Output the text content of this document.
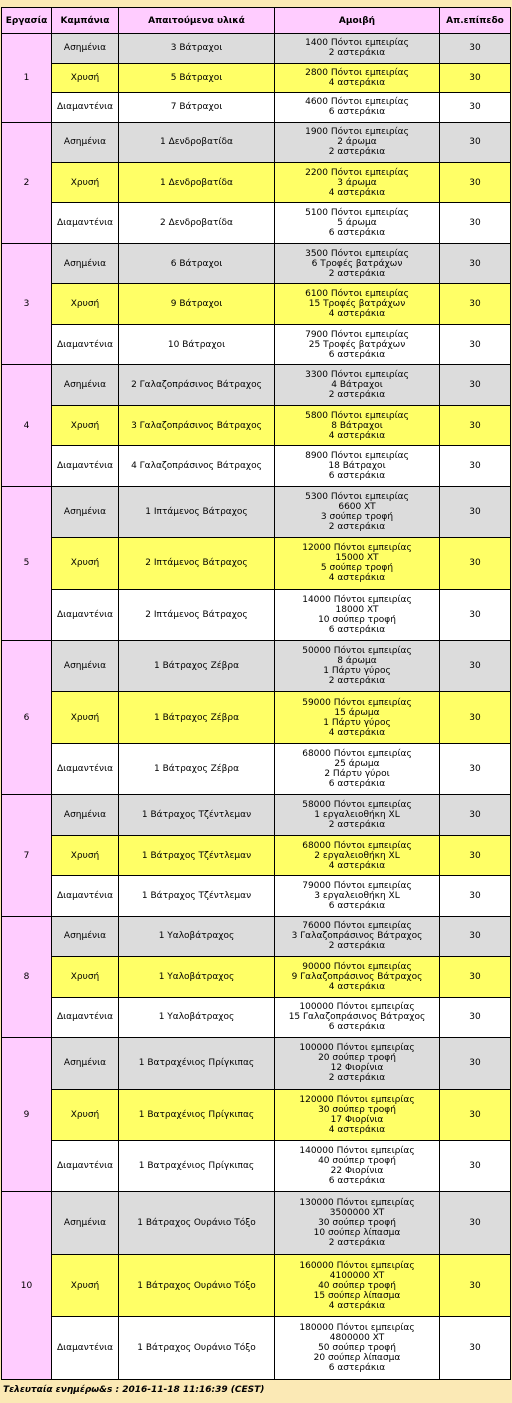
Εργασία	Καμπάνια	Απαιτούμενα υλικά	Αμοιβή	Απ.επίπεδο
1	Ασημένια	3 Βάτραχοι	1400 Πόντοι εμπειρίας
2 αστεράκια	30
	Χρυσή	5 Βάτραχοι	2800 Πόντοι εμπειρίας
4 αστεράκια	30
	Διαμαντένια	7 Βάτραχοι	4600 Πόντοι εμπειρίας
6 αστεράκια	30
2	Ασημένια	1 Δενδροβατίδα	1900 Πόντοι εμπειρίας
2 άρωμα
2 αστεράκια	30
	Χρυσή	1 Δενδροβατίδα	2200 Πόντοι εμπειρίας
3 άρωμα
4 αστεράκια	30
	Διαμαντένια	2 Δενδροβατίδα	5100 Πόντοι εμπειρίας
5 άρωμα
6 αστεράκια	30
3	Ασημένια	6 Βάτραχοι	3500 Πόντοι εμπειρίας
6 Τροφές βατράχων
2 αστεράκια	30
	Χρυσή	9 Βάτραχοι	6100 Πόντοι εμπειρίας
15 Τροφές βατράχων
4 αστεράκια	30
	Διαμαντένια	10 Βάτραχοι	7900 Πόντοι εμπειρίας
25 Τροφές βατράχων
6 αστεράκια	30
4	Ασημένια	2 Γαλαζοπράσινος Βάτραχος	3300 Πόντοι εμπειρίας
4 Βάτραχοι
2 αστεράκια	30
	Χρυσή	3 Γαλαζοπράσινος Βάτραχος	5800 Πόντοι εμπειρίας
8 Βάτραχοι
4 αστεράκια	30
	Διαμαντένια	4 Γαλαζοπράσινος Βάτραχος	8900 Πόντοι εμπειρίας
18 Βάτραχοι
6 αστεράκια	30
5	Ασημένια	1 Ιπτάμενος Βάτραχος	5300 Πόντοι εμπειρίας
6600 XT
3 σούπερ τροφή
2 αστεράκια	30
	Χρυσή	2 Ιπτάμενος Βάτραχος	12000 Πόντοι εμπειρίας
15000 XT
5 σούπερ τροφή
4 αστεράκια	30
	Διαμαντένια	2 Ιπτάμενος Βάτραχος	14000 Πόντοι εμπειρίας
18000 XT
10 σούπερ τροφή
6 αστεράκια	30
6	Ασημένια	1 Βάτραχος Ζέβρα	50000 Πόντοι εμπειρίας
8 άρωμα
1 Πάρτυ γύρος
2 αστεράκια	30
	Χρυσή	1 Βάτραχος Ζέβρα	59000 Πόντοι εμπειρίας
15 άρωμα
1 Πάρτυ γύρος
4 αστεράκια	30
	Διαμαντένια	1 Βάτραχος Ζέβρα	68000 Πόντοι εμπειρίας
25 άρωμα
2 Πάρτυ γύροι
6 αστεράκια	30
7	Ασημένια	1 Βάτραχος Τζέντλεμαν	58000 Πόντοι εμπειρίας
1 εργαλειοθήκη XL
2 αστεράκια	30
	Χρυσή	1 Βάτραχος Τζέντλεμαν	68000 Πόντοι εμπειρίας
2 εργαλειοθήκη XL
4 αστεράκια	30
	Διαμαντένια	1 Βάτραχος Τζέντλεμαν	79000 Πόντοι εμπειρίας
3 εργαλειοθήκη XL
6 αστεράκια	30
8	Ασημένια	1 Υαλοβάτραχος	76000 Πόντοι εμπειρίας
3 Γαλαζοπράσινος Βάτραχος
2 αστεράκια	30
	Χρυσή	1 Υαλοβάτραχος	90000 Πόντοι εμπειρίας
9 Γαλαζοπράσινος Βάτραχος
4 αστεράκια	30
	Διαμαντένια	1 Υαλοβάτραχος	100000 Πόντοι εμπειρίας
15 Γαλαζοπράσινος Βάτραχος
6 αστεράκια	30
9	Ασημένια	1 Βατραχένιος Πρίγκιπας	100000 Πόντοι εμπειρίας
20 σούπερ τροφή
12 Φιορίνια
2 αστεράκια	30
	Χρυσή	1 Βατραχένιος Πρίγκιπας	120000 Πόντοι εμπειρίας
30 σούπερ τροφή
17 Φιορίνια
4 αστεράκια	30
	Διαμαντένια	1 Βατραχένιος Πρίγκιπας	140000 Πόντοι εμπειρίας
40 σούπερ τροφή
22 Φιορίνια
6 αστεράκια	30
10	Ασημένια	1 Βάτραχος Ουράνιο Τόξο	130000 Πόντοι εμπειρίας
3500000 XT
30 σούπερ τροφή
10 σούπερ λίπασμα
2 αστεράκια	30
	Χρυσή	1 Βάτραχος Ουράνιο Τόξο	160000 Πόντοι εμπειρίας
4100000 XT
40 σούπερ τροφή
15 σούπερ λίπασμα
4 αστεράκια	30
	Διαμαντένια	1 Βάτραχος Ουράνιο Τόξο	180000 Πόντοι εμπειρίας
4800000 XT
50 σούπερ τροφή
20 σούπερ λίπασμα
6 αστεράκια	30
Τελευταία ενημέρω&s : 2016-11-18 11:16:39 (CEST)
